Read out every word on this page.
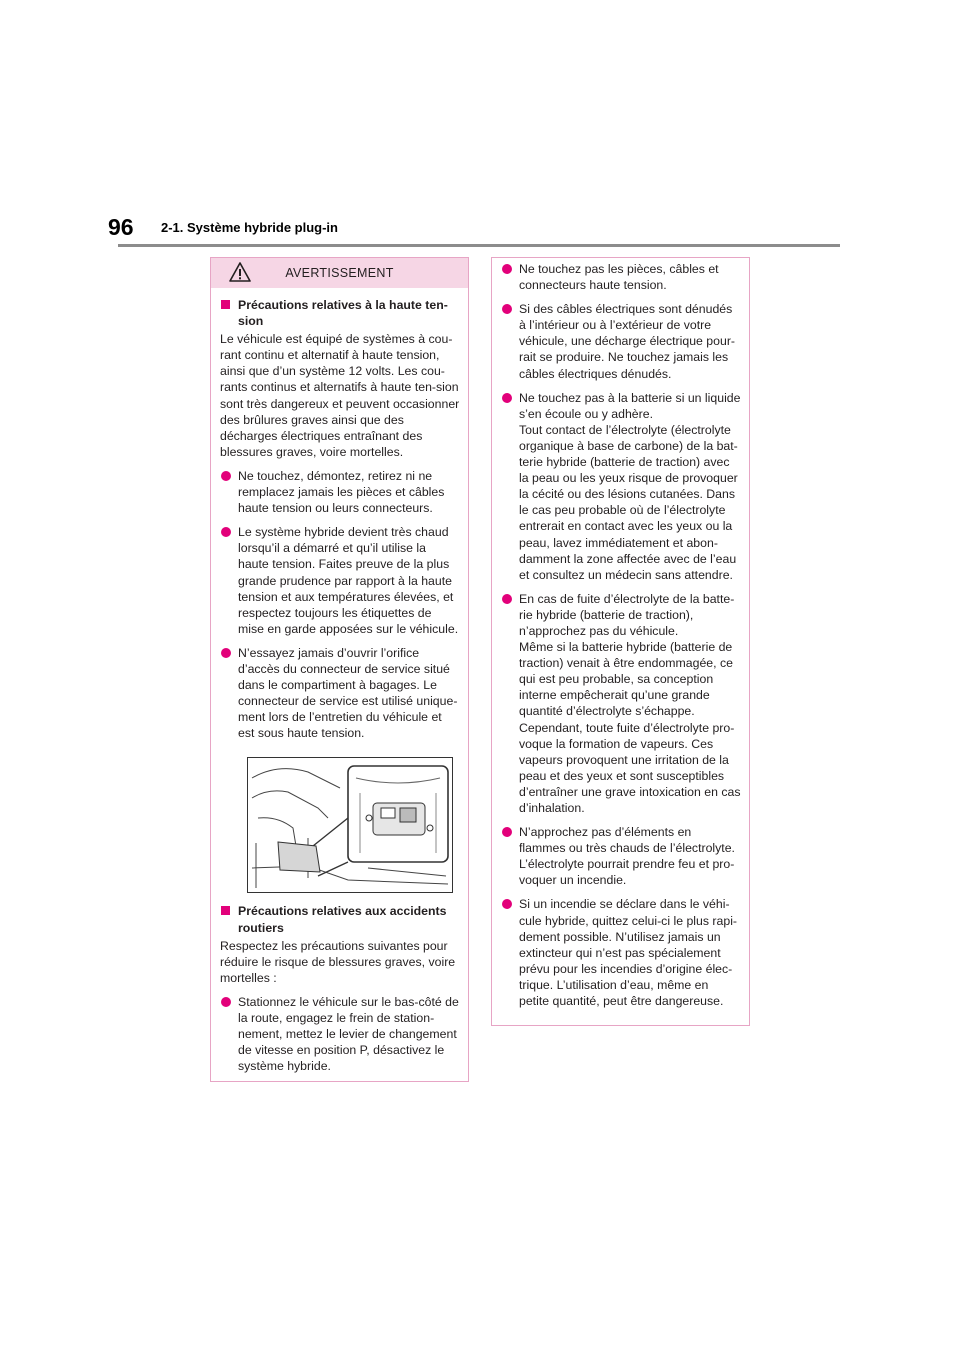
96 2-1. Système hybride plug-in
AVERTISSEMENT
Précautions relatives à la haute ten-sion
Le véhicule est équipé de systèmes à cou-rant continu et alternatif à haute tension, ainsi que d’un système 12 volts. Les cou-rants continus et alternatifs à haute ten-sion sont très dangereux et peuvent occasionner des brûlures graves ainsi que des décharges électriques entraînant des blessures graves, voire mortelles.
Ne touchez, démontez, retirez ni ne remplacez jamais les pièces et câbles haute tension ou leurs connecteurs.
Le système hybride devient très chaud lorsqu’il a démarré et qu’il utilise la haute tension. Faites preuve de la plus grande prudence par rapport à la haute tension et aux températures élevées, et respectez toujours les étiquettes de mise en garde apposées sur le véhicule.
N’essayez jamais d’ouvrir l’orifice d’accès du connecteur de service situé dans le compartiment à bagages. Le connecteur de service est utilisé unique-ment lors de l’entretien du véhicule et est sous haute tension.
Précautions relatives aux accidents routiers
Respectez les précautions suivantes pour réduire le risque de blessures graves, voire mortelles :
Stationnez le véhicule sur le bas-côté de la route, engagez le frein de station-nement, mettez le levier de changement de vitesse en position P, désactivez le système hybride.
Ne touchez pas les pièces, câbles et connecteurs haute tension.
Si des câbles électriques sont dénudés à l’intérieur ou à l’extérieur de votre véhicule, une décharge électrique pour-rait se produire. Ne touchez jamais les câbles électriques dénudés.
Ne touchez pas à la batterie si un liquide s’en écoule ou y adhère.
Tout contact de l’électrolyte (électrolyte organique à base de carbone) de la bat-terie hybride (batterie de traction) avec la peau ou les yeux risque de provoquer la cécité ou des lésions cutanées. Dans le cas peu probable où de l’électrolyte entrerait en contact avec les yeux ou la peau, lavez immédiatement et abon-damment la zone affectée avec de l’eau et consultez un médecin sans attendre.
En cas de fuite d’électrolyte de la batte-rie hybride (batterie de traction), n’approchez pas du véhicule.
Même si la batterie hybride (batterie de traction) venait à être endommagée, ce qui est peu probable, sa conception interne empêcherait qu’une grande quantité d’électrolyte s’échappe. Cependant, toute fuite d’électrolyte pro-voque la formation de vapeurs. Ces vapeurs provoquent une irritation de la peau et des yeux et sont susceptibles d’entraîner une grave intoxication en cas d’inhalation.
N’approchez pas d’éléments en flammes ou très chauds de l’électrolyte. L’électrolyte pourrait prendre feu et pro-voquer un incendie.
Si un incendie se déclare dans le véhi-cule hybride, quittez celui-ci le plus rapi-dement possible. N’utilisez jamais un extincteur qui n’est pas spécialement prévu pour les incendies d’origine élec-trique. L’utilisation d’eau, même en petite quantité, peut être dangereuse.
